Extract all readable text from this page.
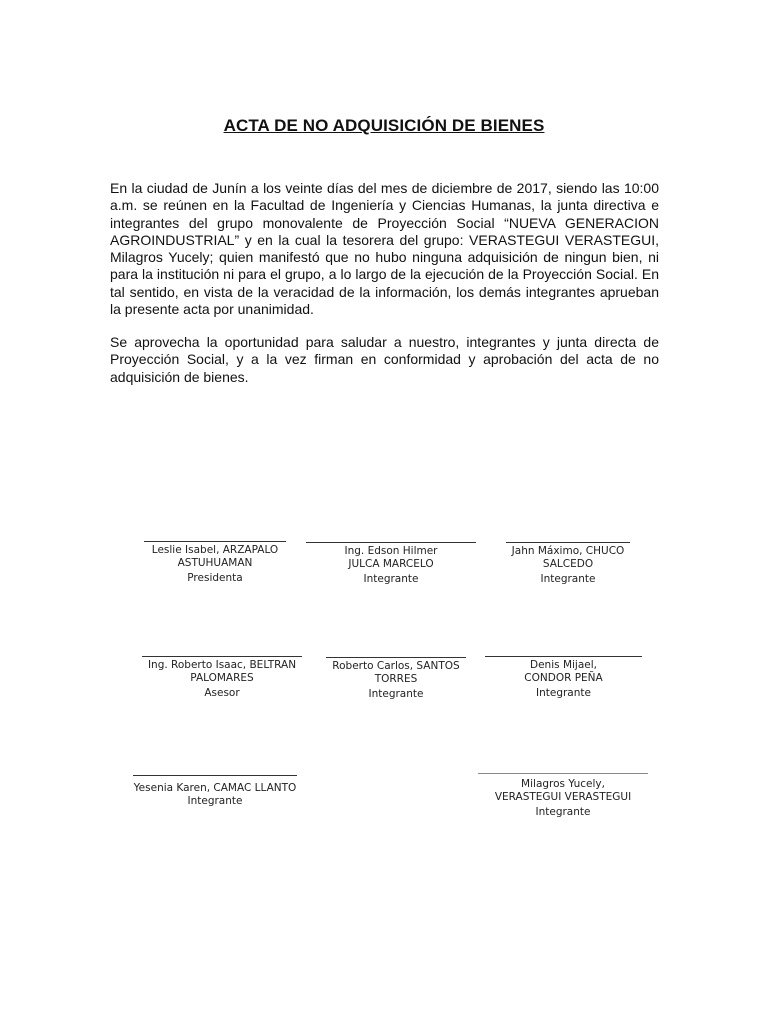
ACTA DE NO ADQUISICIÓN DE BIENES

En la ciudad de Junín a los veinte días del mes de diciembre de 2017, siendo las 10:00 a.m. se reúnen en la Facultad de Ingeniería y Ciencias Humanas, la junta directiva e integrantes del grupo monovalente de Proyección Social “NUEVA GENERACION AGROINDUSTRIAL” y en la cual la tesorera del grupo: VERASTEGUI VERASTEGUI, Milagros Yucely; quien manifestó que no hubo ninguna adquisición de ningun bien, ni para la institución ni para el grupo, a lo largo de la ejecución de la Proyección Social. En tal sentido, en vista de la veracidad de la información, los demás integrantes aprueban la presente acta por unanimidad.

Se aprovecha la oportunidad para saludar a nuestro, integrantes y junta directa de Proyección Social, y a la vez firman en conformidad y aprobación del acta de no adquisición de bienes.

Leslie Isabel, ARZAPALO ASTUHUAMAN
Presidenta
Ing. Edson Hilmer JULCA MARCELO
Integrante
Jahn Máximo, CHUCO SALCEDO
Integrante
Ing. Roberto Isaac, BELTRAN PALOMARES
Asesor
Roberto Carlos, SANTOS TORRES
Integrante
Denis Mijael, CONDOR PEÑA
Integrante
Yesenia Karen, CAMAC LLANTO
Integrante
Milagros Yucely, VERASTEGUI VERASTEGUI
Integrante
